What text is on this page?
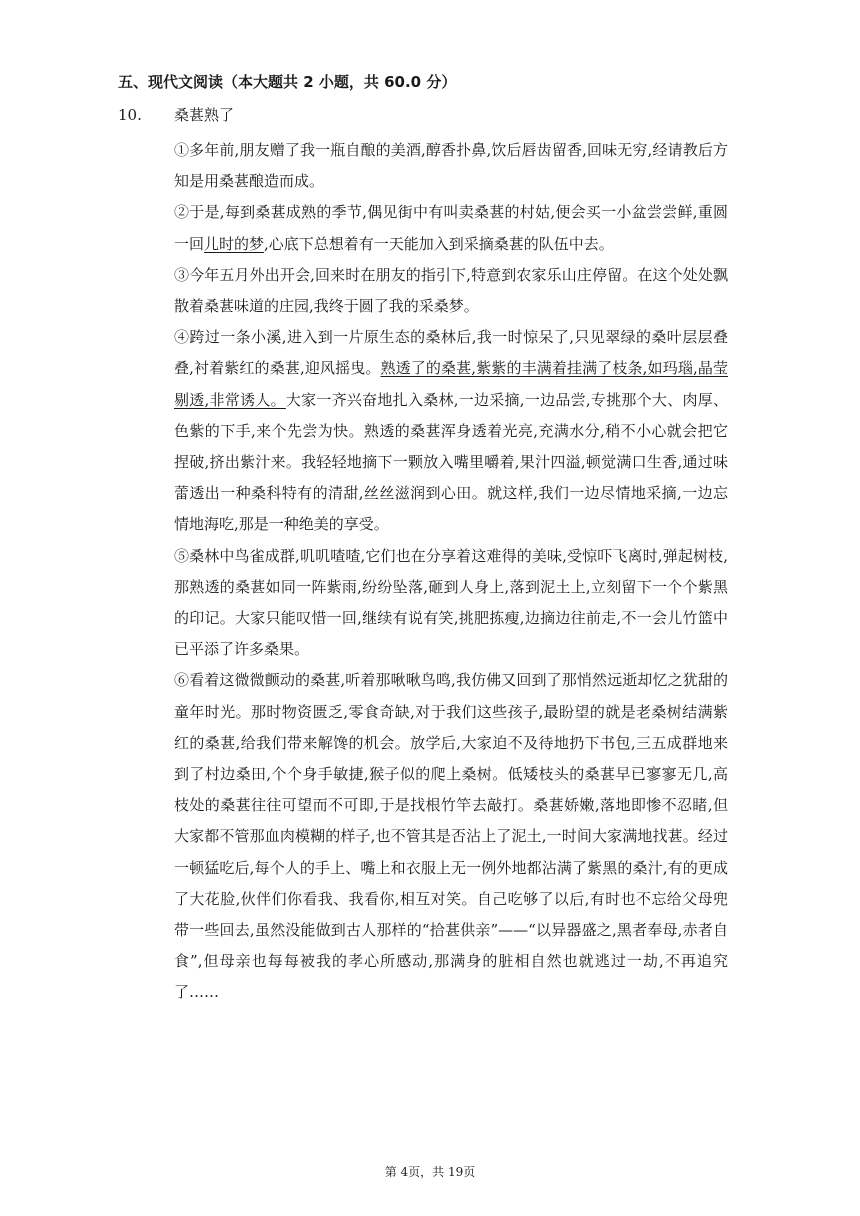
五、现代文阅读（本大题共 2 小题，共 60.0 分）
10. 桑葚熟了

①多年前,朋友赠了我一瓶自酿的美酒,醇香扑鼻,饮后唇齿留香,回味无穷,经请教后方知是用桑葚酿造而成。

②于是,每到桑葚成熟的季节,偶见街中有叫卖桑葚的村姑,便会买一小盆尝尝鲜,重圆一回儿时的梦,心底下总想着有一天能加入到采摘桑葚的队伍中去。

③今年五月外出开会,回来时在朋友的指引下,特意到农家乐山庄停留。在这个处处飘散着桑葚味道的庄园,我终于圆了我的采桑梦。

④跨过一条小溪,进入到一片原生态的桑林后,我一时惊呆了,只见翠绿的桑叶层层叠叠,衬着紫红的桑葚,迎风摇曳。熟透了的桑葚,紫紫的丰满着挂满了枝条,如玛瑙,晶莹剔透,非常诱人。大家一齐兴奋地扎入桑林,一边采摘,一边品尝,专挑那个大、肉厚、色紫的下手,来个先尝为快。熟透的桑葚浑身透着光亮,充满水分,稍不小心就会把它捏破,挤出紫汁来。我轻轻地摘下一颗放入嘴里嚼着,果汁四溢,顿觉满口生香,通过味蕾透出一种桑科特有的清甜,丝丝滋润到心田。就这样,我们一边尽情地采摘,一边忘情地海吃,那是一种绝美的享受。

⑤桑林中鸟雀成群,叽叽喳喳,它们也在分享着这难得的美味,受惊吓飞离时,弹起树枝,那熟透的桑葚如同一阵紫雨,纷纷坠落,砸到人身上,落到泥土上,立刻留下一个个紫黑的印记。大家只能叹惜一回,继续有说有笑,挑肥拣瘦,边摘边往前走,不一会儿竹篮中已平添了许多桑果。

⑥看着这微微颤动的桑葚,听着那啾啾鸟鸣,我仿佛又回到了那悄然远逝却忆之犹甜的童年时光。那时物资匮乏,零食奇缺,对于我们这些孩子,最盼望的就是老桑树结满紫红的桑葚,给我们带来解馋的机会。放学后,大家迫不及待地扔下书包,三五成群地来到了村边桑田,个个身手敏捷,猴子似的爬上桑树。低矮枝头的桑葚早已寥寥无几,高枝处的桑葚往往可望而不可即,于是找根竹竿去敲打。桑葚娇嫩,落地即惨不忍睹,但大家都不管那血肉模糊的样子,也不管其是否沾上了泥土,一时间大家满地找葚。经过一顿猛吃后,每个人的手上、嘴上和衣服上无一例外地都沾满了紫黑的桑汁,有的更成了大花脸,伙伴们你看我、我看你,相互对笑。自己吃够了以后,有时也不忘给父母兜带一些回去,虽然没能做到古人那样的“拾葚供亲”——“以异器盛之,黑者奉母,赤者自食”,但母亲也每每被我的孝心所感动,那满身的脏相自然也就逃过一劫,不再追究了……

第 4页，共 19页
